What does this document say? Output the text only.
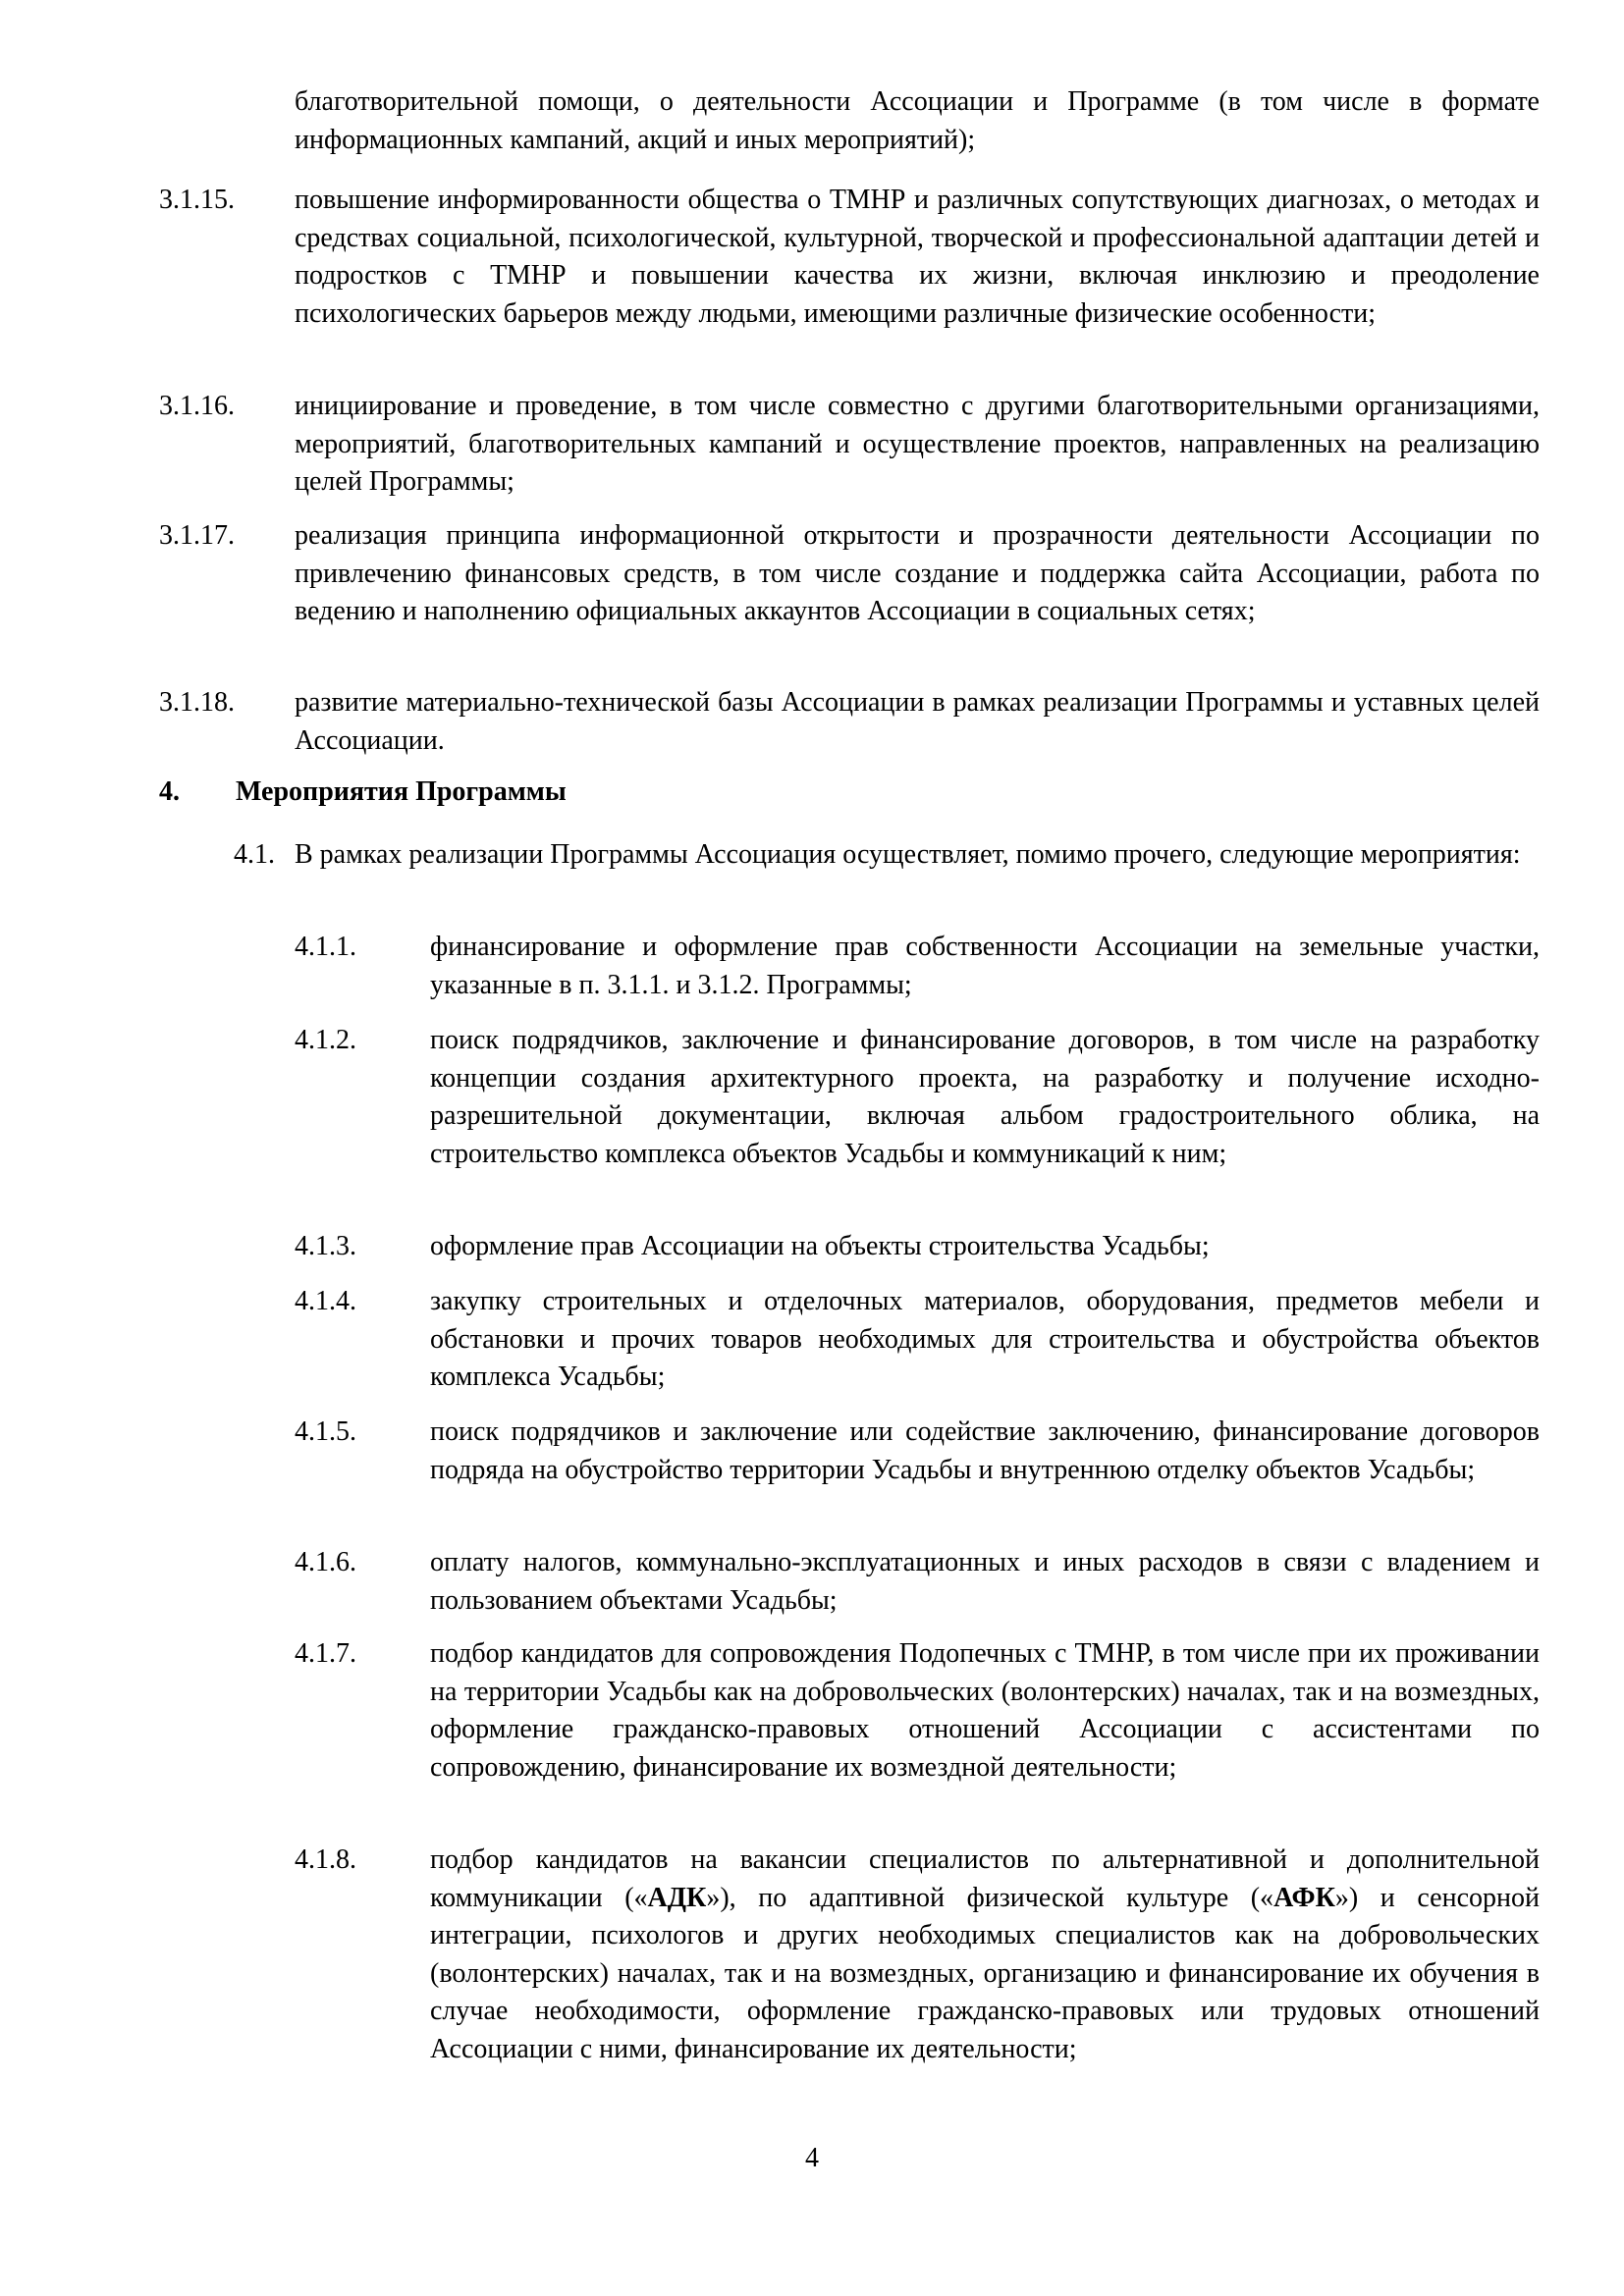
благотворительной помощи, о деятельности Ассоциации и Программе (в том числе в формате информационных кампаний, акций и иных мероприятий);

3.1.15. повышение информированности общества о ТМНР и различных сопутствующих диагнозах, о методах и средствах социальной, психологической, культурной, творческой и профессиональной адаптации детей и подростков с ТМНР и повышении качества их жизни, включая инклюзию и преодоление психологических барьеров между людьми, имеющими различные физические особенности;

3.1.16. инициирование и проведение, в том числе совместно с другими благотворительными организациями, мероприятий, благотворительных кампаний и осуществление проектов, направленных на реализацию целей Программы;

3.1.17. реализация принципа информационной открытости и прозрачности деятельности Ассоциации по привлечению финансовых средств, в том числе создание и поддержка сайта Ассоциации, работа по ведению и наполнению официальных аккаунтов Ассоциации в социальных сетях;

3.1.18. развитие материально-технической базы Ассоциации в рамках реализации Программы и уставных целей Ассоциации.

4. Мероприятия Программы
4.1. В рамках реализации Программы Ассоциация осуществляет, помимо прочего, следующие мероприятия:

4.1.1.	финансирование и оформление прав собственности Ассоциации на земельные участки, указанные в п. 3.1.1. и 3.1.2. Программы;

4.1.2.	поиск подрядчиков, заключение и финансирование договоров, в том числе на разработку концепции создания архитектурного проекта, на разработку и получение исходно-разрешительной документации, включая альбом градостроительного облика, на строительство комплекса объектов Усадьбы и коммуникаций к ним;

4.1.3.	оформление прав Ассоциации на объекты строительства Усадьбы;

4.1.4.	закупку строительных и отделочных материалов, оборудования, предметов мебели и обстановки и прочих товаров необходимых для строительства и обустройства объектов комплекса Усадьбы;

4.1.5.	поиск подрядчиков и заключение или содействие заключению, финансирование договоров подряда на обустройство территории Усадьбы и внутреннюю отделку объектов Усадьбы;

4.1.6.	оплату налогов, коммунально-эксплуатационных и иных расходов в связи с владением и пользованием объектами Усадьбы;

4.1.7.	подбор кандидатов для сопровождения Подопечных с ТМНР, в том числе при их проживании на территории Усадьбы как на добровольческих (волонтерских) началах, так и на возмездных, оформление гражданско-правовых отношений Ассоциации с ассистентами по сопровождению, финансирование их возмездной деятельности;

4.1.8.	подбор кандидатов на вакансии специалистов по альтернативной и дополнительной коммуникации («АДК»), по адаптивной физической культуре («АФК») и сенсорной интеграции, психологов и других необходимых специалистов как на добровольческих (волонтерских) началах, так и на возмездных, организацию и финансирование их обучения в случае необходимости, оформление гражданско-правовых или трудовых отношений Ассоциации с ними, финансирование их деятельности;

4
